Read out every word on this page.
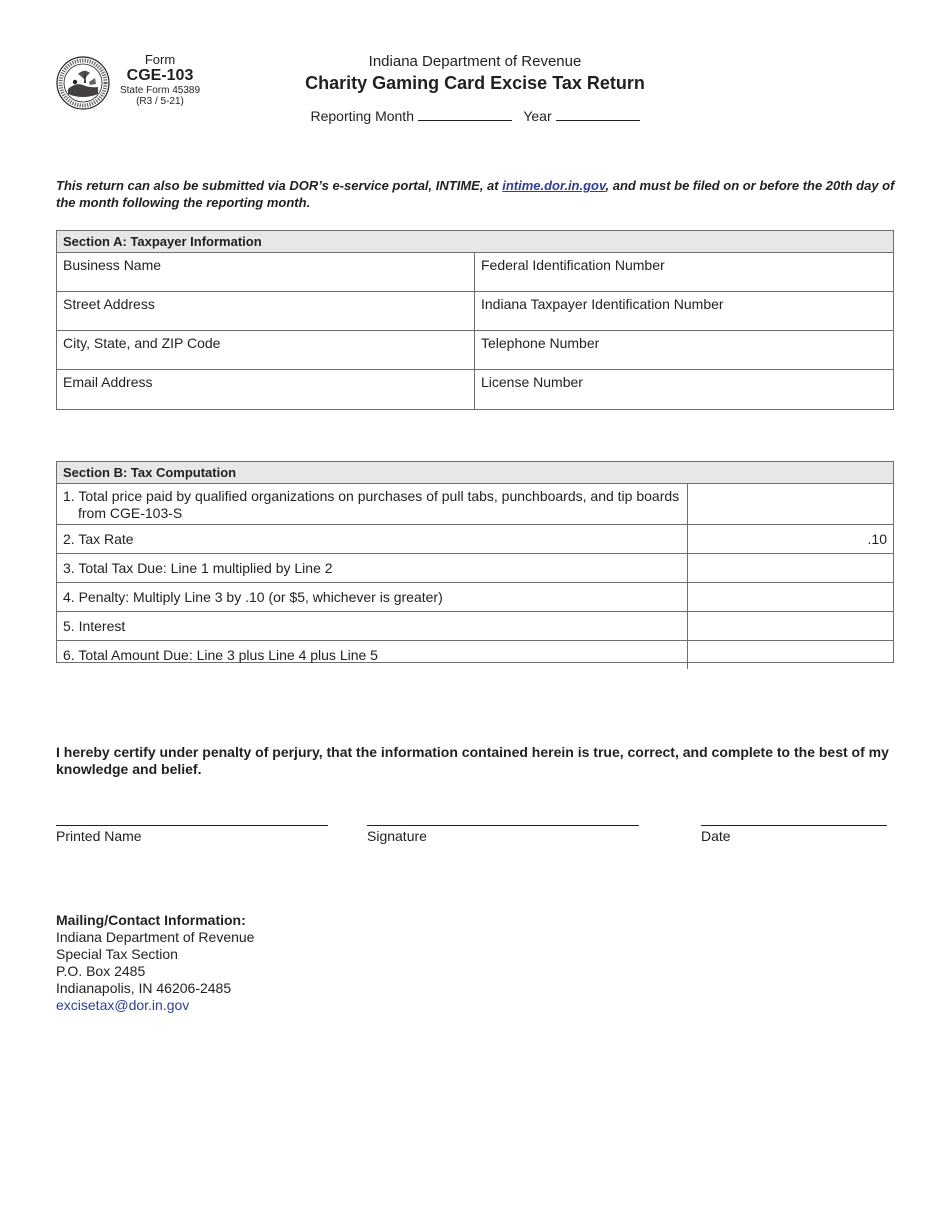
Form
CGE-103
State Form 45389
(R3 / 5-21)
Indiana Department of Revenue
Charity Gaming Card Excise Tax Return
Reporting Month	Year
This return can also be submitted via DOR’s e-service portal, INTIME, at intime.dor.in.gov, and must be filed on or before the 20th day of the month following the reporting month.
Section A: Taxpayer Information
Business Name	Federal Identification Number
Street Address	Indiana Taxpayer Identification Number
City, State, and ZIP Code	Telephone Number
Email Address	License Number
Section B: Tax Computation
1. Total price paid by qualified organizations on purchases of pull tabs, punchboards, and tip boards
from CGE-103-S
2. Tax Rate	.10
3. Total Tax Due: Line 1 multiplied by Line 2
4. Penalty: Multiply Line 3 by .10 (or $5, whichever is greater)
5. Interest
6. Total Amount Due: Line 3 plus Line 4 plus Line 5
I hereby certify under penalty of perjury, that the information contained herein is true, correct, and complete to the best of my knowledge and belief.
Printed Name	Signature	Date
Mailing/Contact Information:
Indiana Department of Revenue
Special Tax Section
P.O. Box 2485
Indianapolis, IN 46206-2485
excisetax@dor.in.gov
